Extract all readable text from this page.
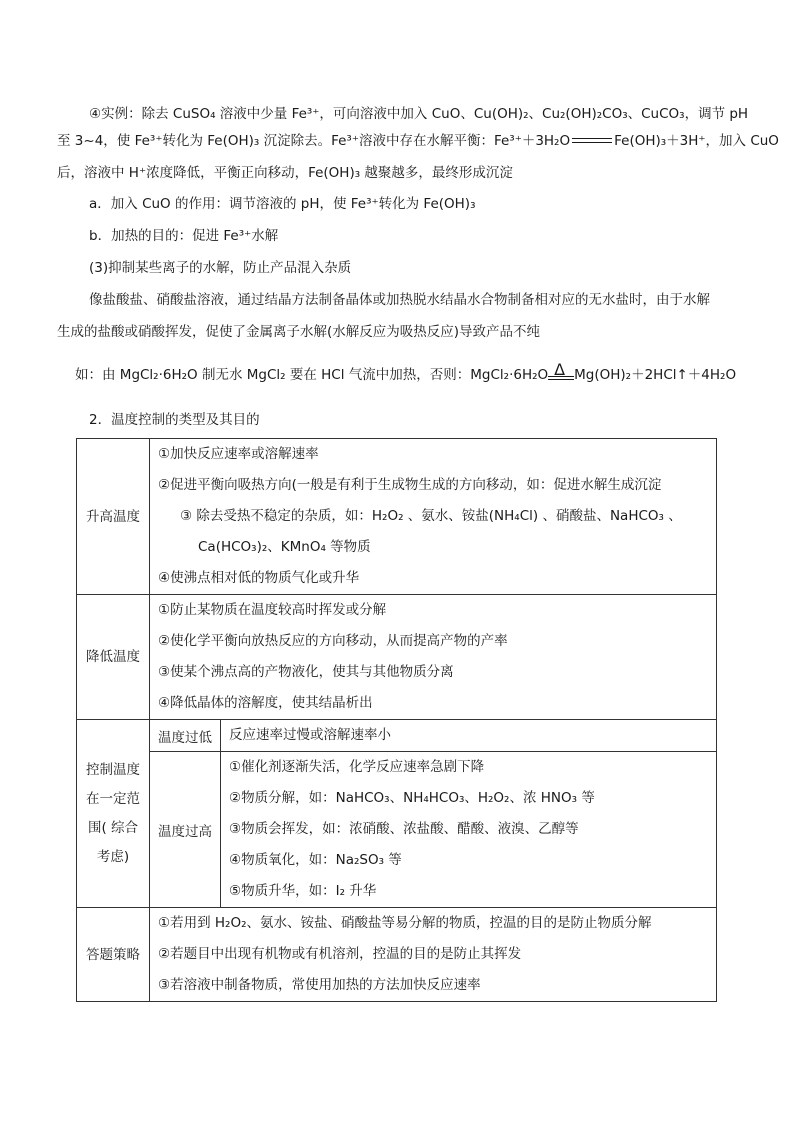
④实例：除去 CuSO₄ 溶液中少量 Fe³⁺，可向溶液中加入 CuO、Cu(OH)₂、Cu₂(OH)₂CO₃、CuCO₃，调节 pH
至 3~4，使 Fe³⁺转化为 Fe(OH)₃ 沉淀除去。Fe³⁺溶液中存在水解平衡：Fe³⁺＋3H₂O	Fe(OH)₃＋3H⁺，加入 CuO
后，溶液中 H⁺浓度降低，平衡正向移动，Fe(OH)₃ 越聚越多，最终形成沉淀
a．加入 CuO 的作用：调节溶液的 pH，使 Fe³⁺转化为 Fe(OH)₃
b．加热的目的：促进 Fe³⁺水解
(3)抑制某些离子的水解，防止产品混入杂质
像盐酸盐、硝酸盐溶液，通过结晶方法制备晶体或加热脱水结晶水合物制备相对应的无水盐时，由于水解
生成的盐酸或硝酸挥发，促使了金属离子水解(水解反应为吸热反应)导致产品不纯
如：由 MgCl₂·6H₂O 制无水 MgCl₂ 要在 HCl 气流中加热，否则：MgCl₂·6H₂O Δ Mg(OH)₂＋2HCl↑＋4H₂O
2．温度控制的类型及其目的
升高温度	①加快反应速率或溶解速率
②促进平衡向吸热方向(一般是有利于生成物生成的方向移动，如：促进水解生成沉淀
③ 除去受热不稳定的杂质，如：H₂O₂ 、氨水、铵盐(NH₄Cl) 、硝酸盐、NaHCO₃ 、
Ca(HCO₃)₂、KMnO₄ 等物质
④使沸点相对低的物质气化或升华	

降低温度	①防止某物质在温度较高时挥发或分解
②使化学平衡向放热反应的方向移动，从而提高产物的产率
③使某个沸点高的产物液化，使其与其他物质分离
④降低晶体的溶解度，使其结晶析出	

控制温度
在一定范
围( 综合
考虑)	温度过低	反应速率过慢或溶解速率小

	温度过高	①催化剂逐渐失活，化学反应速率急剧下降
②物质分解，如：NaHCO₃、NH₄HCO₃、H₂O₂、浓 HNO₃ 等
③物质会挥发，如：浓硝酸、浓盐酸、醋酸、液溴、乙醇等
④物质氧化，如：Na₂SO₃ 等
⑤物质升华，如：I₂ 升华

答题策略	①若用到 H₂O₂、氨水、铵盐、硝酸盐等易分解的物质，控温的目的是防止物质分解
②若题目中出现有机物或有机溶剂，控温的目的是防止其挥发
③若溶液中制备物质，常使用加热的方法加快反应速率	
